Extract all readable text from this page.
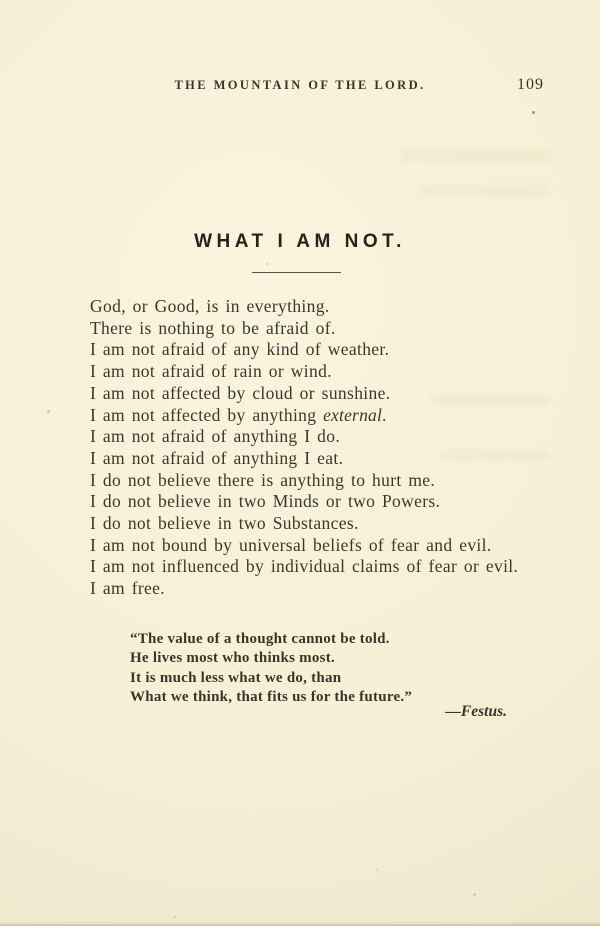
THE MOUNTAIN OF THE LORD.	109
WHAT I AM NOT.

God, or Good, is in everything.

There is nothing to be afraid of.

I am not afraid of any kind of weather.

I am not afraid of rain or wind.

I am not affected by cloud or sunshine.

I am not affected by anything external.

I am not afraid of anything I do.

I am not afraid of anything I eat.

I do not believe there is anything to hurt me.

I do not believe in two Minds or two Powers.

I do not believe in two Substances.

I am not bound by universal beliefs of fear and evil.

I am not influenced by individual claims of fear or evil.

I am free.

“The value of a thought cannot be told.
He lives most who thinks most.
It is much less what we do, than
What we think, that fits us for the future.”
—Festus.
